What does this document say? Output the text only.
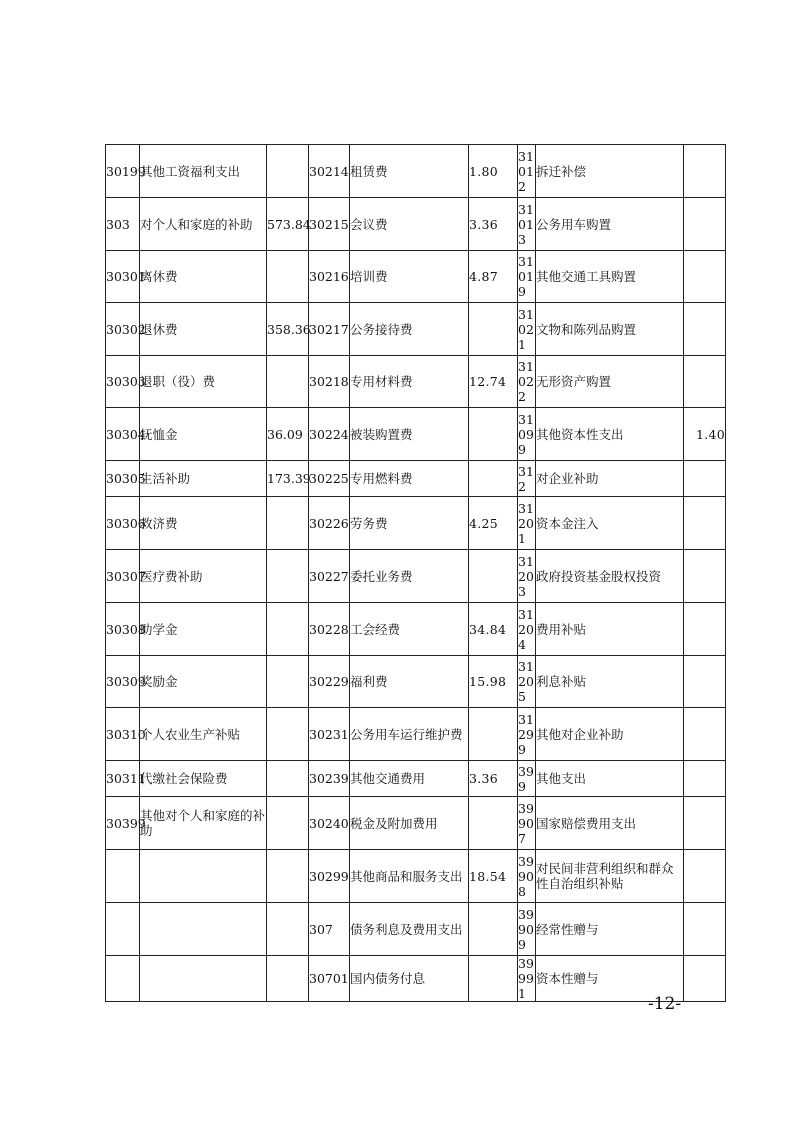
30199	其他工资福利支出		30214	租赁费	1.80	31012	拆迁补偿	
303	对个人和家庭的补助	573.84	30215	会议费	3.36	31013	公务用车购置	
30301	离休费		30216	培训费	4.87	31019	其他交通工具购置	
30302	退休费	358.36	30217	公务接待费		31021	文物和陈列品购置	
30303	退职（役）费		30218	专用材料费	12.74	31022	无形资产购置	
30304	抚恤金	36.09	30224	被装购置费		31099	其他资本性支出	1.40
30305	生活补助	173.39	30225	专用燃料费		312	对企业补助	
30306	救济费		30226	劳务费	4.25	31201	资本金注入	
30307	医疗费补助		30227	委托业务费		31203	政府投资基金股权投资	
30308	助学金		30228	工会经费	34.84	31204	费用补贴	
30309	奖励金		30229	福利费	15.98	31205	利息补贴	
30310	个人农业生产补贴		30231	公务用车运行维护费		31299	其他对企业补助	
30311	代缴社会保险费		30239	其他交通费用	3.36	399	其他支出	
30399	其他对个人和家庭的补助		30240	税金及附加费用		39907	国家赔偿费用支出	
			30299	其他商品和服务支出	18.54	39908	对民间非营利组织和群众性自治组织补贴	
			307	债务利息及费用支出		39909	经常性赠与	
			30701	国内债务付息		39991	资本性赠与	
-12-
